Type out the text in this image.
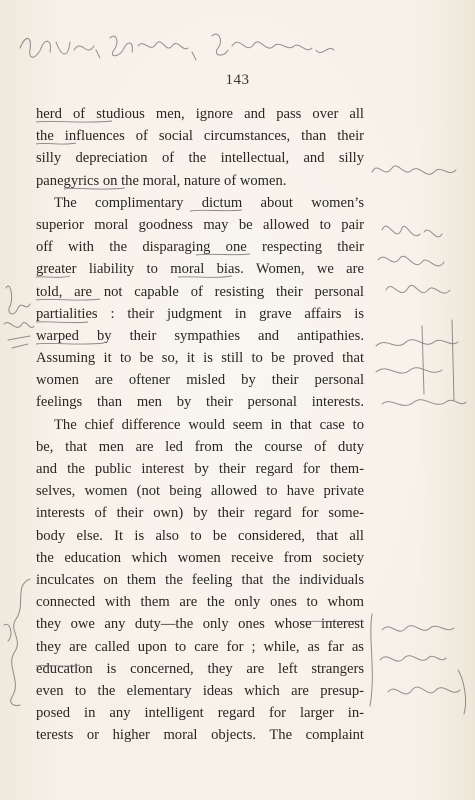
143
herd of studious men, ignore and pass over all
the influences of social circumstances, than their
silly depreciation of the intellectual, and silly
panegyrics on the moral, nature of women.
The complimentary dictum about women’s
superior moral goodness may be allowed to pair
off with the disparaging one respecting their
greater liability to moral bias. Women, we are
told, are not capable of resisting their personal
partialities : their judgment in grave affairs is
warped by their sympathies and antipathies.
Assuming it to be so, it is still to be proved that
women are oftener misled by their personal
feelings than men by their personal interests.
The chief difference would seem in that case to
be, that men are led from the course of duty
and the public interest by their regard for them-
selves, women (not being allowed to have private
interests of their own) by their regard for some-
body else. It is also to be considered, that all
the education which women receive from society
inculcates on them the feeling that the individuals
connected with them are the only ones to whom
they owe any duty—the only ones whose interest
they are called upon to care for ; while, as far as
education is concerned, they are left strangers
even to the elementary ideas which are presup-
posed in any intelligent regard for larger in-
terests or higher moral objects. The complaint
